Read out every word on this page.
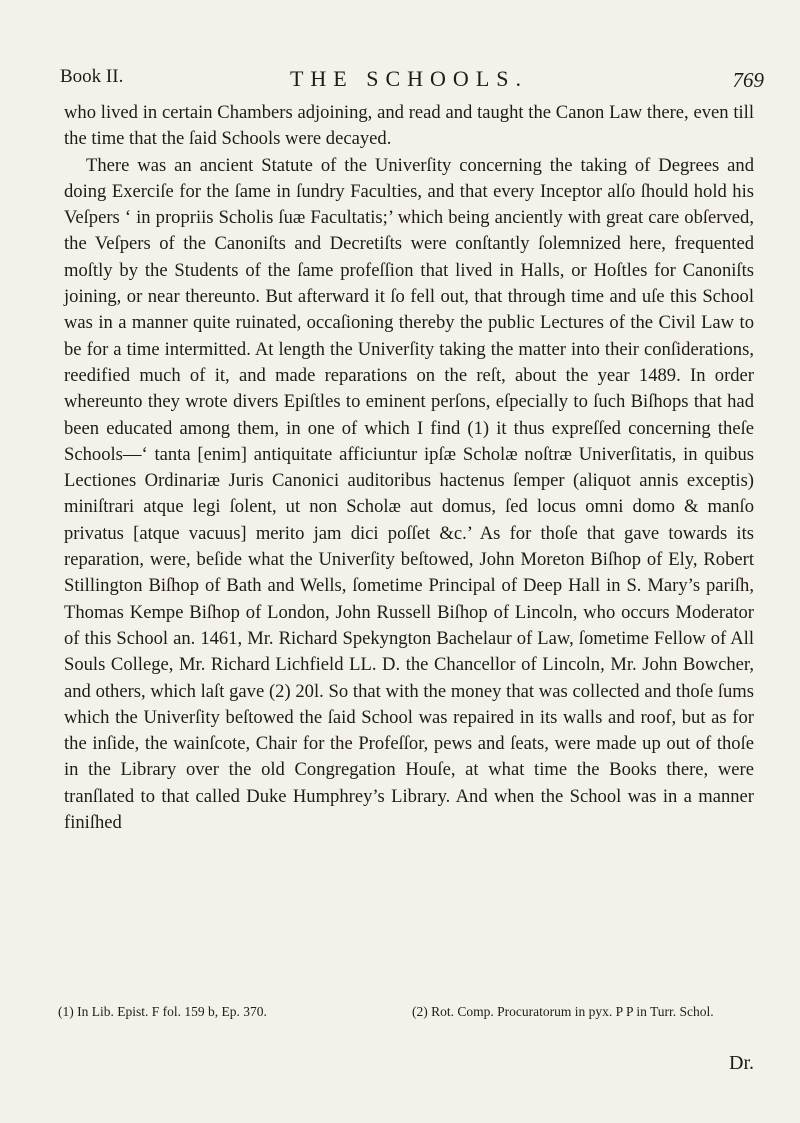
Book II.	THE SCHOOLS.	769

who lived in certain Chambers adjoining, and read and taught the Canon Law there, even till the time that the ſaid Schools were decayed.

There was an ancient Statute of the Univerſity concerning the taking of Degrees and doing Exerciſe for the ſame in ſundry Faculties, and that every Inceptor alſo ſhould hold his Veſpers ‘ in propriis Scholis ſuæ Facultatis;’ which being anciently with great care obſerved, the Veſpers of the Canoniſts and Decretiſts were conſtantly ſolemnized here, frequented moſtly by the Students of the ſame profeſſion that lived in Halls, or Hoſtles for Canoniſts joining, or near thereunto. But afterward it ſo fell out, that through time and uſe this School was in a manner quite ruinated, occaſioning thereby the public Lectures of the Civil Law to be for a time intermitted. At length the Univerſity taking the matter into their conſiderations, reedified much of it, and made reparations on the reſt, about the year 1489. In order whereunto they wrote divers Epiſtles to eminent perſons, eſpecially to ſuch Biſhops that had been educated among them, in one of which I find (1) it thus expreſſed concerning theſe Schools—‘ tanta [enim] antiquitate afficiuntur ipſæ Scholæ noſtræ Univerſitatis, in quibus Lectiones Ordinariæ Juris Canonici auditoribus hactenus ſemper (aliquot annis exceptis) miniſtrari atque legi ſolent, ut non Scholæ aut domus, ſed locus omni domo & manſo privatus [atque vacuus] merito jam dici poſſet &c.’ As for thoſe that gave towards its reparation, were, beſide what the Univerſity beſtowed, John Moreton Biſhop of Ely, Robert Stillington Biſhop of Bath and Wells, ſometime Principal of Deep Hall in S. Mary’s pariſh, Thomas Kempe Biſhop of London, John Russell Biſhop of Lincoln, who occurs Moderator of this School an. 1461, Mr. Richard Spekyngton Bachelaur of Law, ſometime Fellow of All Souls College, Mr. Richard Lichfield LL. D. the Chancellor of Lincoln, Mr. John Bowcher, and others, which laſt gave (2) 20l. So that with the money that was collected and thoſe ſums which the Univerſity beſtowed the ſaid School was repaired in its walls and roof, but as for the inſide, the wainſcote, Chair for the Profeſſor, pews and ſeats, were made up out of thoſe in the Library over the old Congregation Houſe, at what time the Books there, were tranſlated to that called Duke Humphrey’s Library. And when the School was in a manner finiſhed

(1) In Lib. Epist. F fol. 159 b, Ep. 370.	(2) Rot. Comp. Procuratorum in pyx. P P in Turr. Schol.
Dr.
